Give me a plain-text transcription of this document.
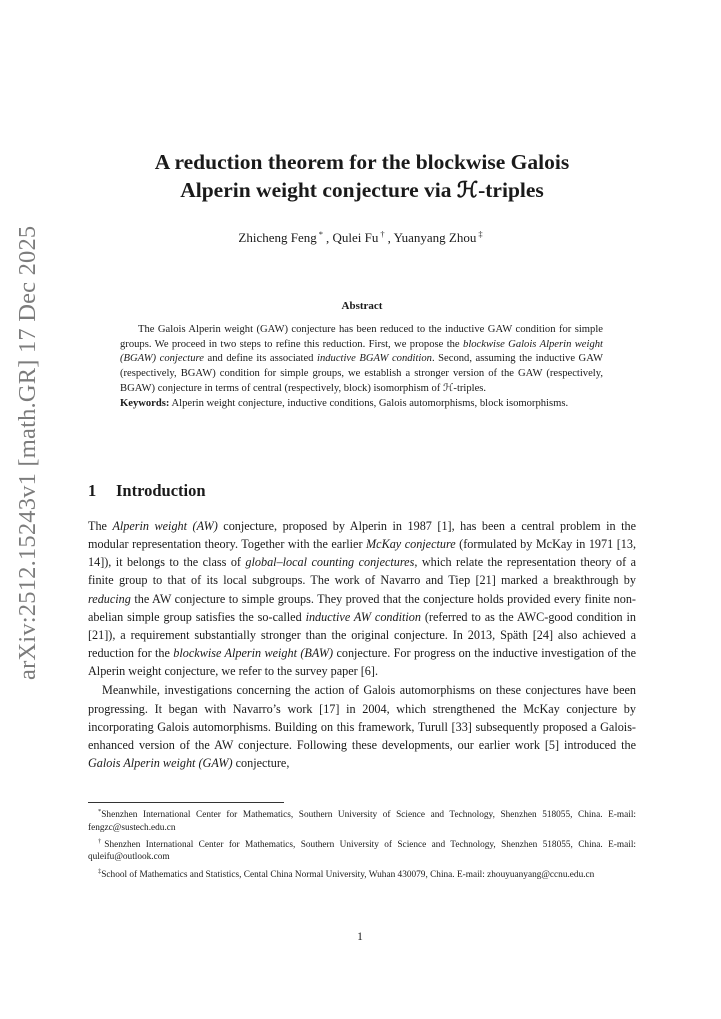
arXiv:2512.15243v1 [math.GR] 17 Dec 2025
A reduction theorem for the blockwise Galois
Alperin weight conjecture via ℋ-triples
Zhicheng Feng * , Qulei Fu † , Yuanyang Zhou ‡
Abstract

The Galois Alperin weight (GAW) conjecture has been reduced to the inductive GAW condition for simple groups. We proceed in two steps to refine this reduction. First, we propose the blockwise Galois Alperin weight (BGAW) conjecture and define its associated inductive BGAW condition. Second, assuming the inductive GAW (respectively, BGAW) condition for simple groups, we establish a stronger version of the GAW (respectively, BGAW) conjecture in terms of central (respectively, block) isomorphism of ℋ-triples.

Keywords: Alperin weight conjecture, inductive conditions, Galois automorphisms, block isomorphisms.

1 Introduction

The Alperin weight (AW) conjecture, proposed by Alperin in 1987 [1], has been a central problem in the modular representation theory. Together with the earlier McKay conjecture (formulated by McKay in 1971 [13, 14]), it belongs to the class of global–local counting conjectures, which relate the representation theory of a finite group to that of its local subgroups. The work of Navarro and Tiep [21] marked a breakthrough by reducing the AW conjecture to simple groups. They proved that the conjecture holds provided every finite non-abelian simple group satisfies the so-called inductive AW condition (referred to as the AWC-good condition in [21]), a requirement substantially stronger than the original conjecture. In 2013, Späth [24] also achieved a reduction for the blockwise Alperin weight (BAW) conjecture. For progress on the inductive investigation of the Alperin weight conjecture, we refer to the survey paper [6].

Meanwhile, investigations concerning the action of Galois automorphisms on these conjectures have been progressing. It began with Navarro’s work [17] in 2004, which strengthened the McKay conjecture by incorporating Galois automorphisms. Building on this framework, Turull [33] subsequently proposed a Galois-enhanced version of the AW conjecture. Following these developments, our earlier work [5] introduced the Galois Alperin weight (GAW) conjecture,

*Shenzhen International Center for Mathematics, Southern University of Science and Technology, Shenzhen 518055, China. E-mail: fengzc@sustech.edu.cn

†Shenzhen International Center for Mathematics, Southern University of Science and Technology, Shenzhen 518055, China. E-mail: quleifu@outlook.com

‡School of Mathematics and Statistics, Cental China Normal University, Wuhan 430079, China. E-mail: zhouyuanyang@ccnu.edu.cn

1
